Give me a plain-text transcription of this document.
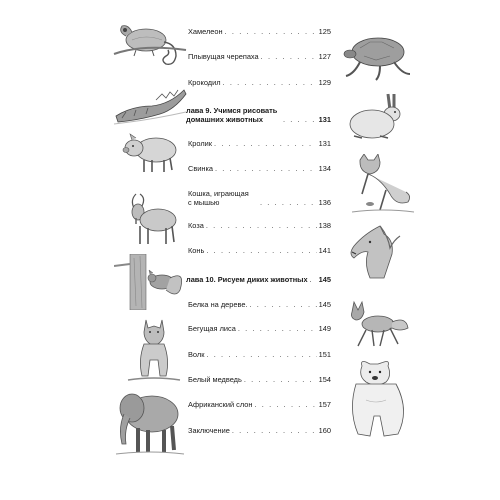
Хамелеон . . .	125
Плывущая черепаха . . .	127
Крокодил . . .	129
лава 9. Учимся рисовать
домашних животных . . .	131
Кролик . . .	131
Свинка . . .	134
Кошка, играющая
с мышью . . .	136
Коза . . .	138
Конь . . .	141
лава 10. Рисуем диких животных . . . 145
Белка на дереве. . . .	145
Бегущая лиса . . .	149
Волк . . .	151
Белый медведь . . .	154
Африканский слон . . .	157
Заключение . . .	160
